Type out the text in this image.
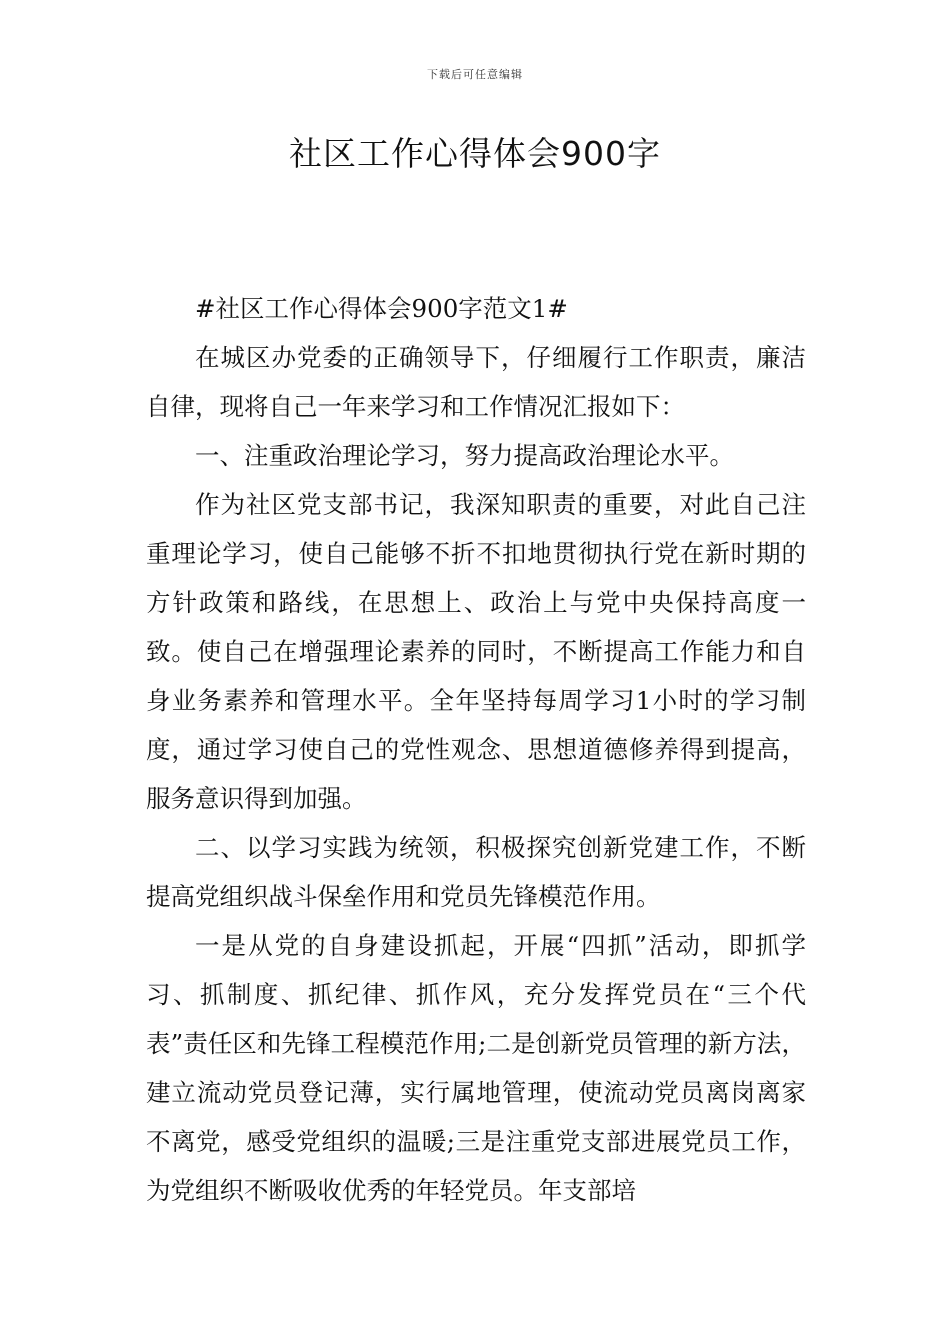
下载后可任意编辑
社区工作心得体会900字

#社区工作心得体会900字范文1#

在城区办党委的正确领导下，仔细履行工作职责，廉洁自律，现将自己一年来学习和工作情况汇报如下：

一、注重政治理论学习，努力提高政治理论水平。

作为社区党支部书记，我深知职责的重要，对此自己注重理论学习，使自己能够不折不扣地贯彻执行党在新时期的方针政策和路线，在思想上、政治上与党中央保持高度一致。使自己在增强理论素养的同时，不断提高工作能力和自身业务素养和管理水平。全年坚持每周学习1小时的学习制度，通过学习使自己的党性观念、思想道德修养得到提高，服务意识得到加强。

二、以学习实践为统领，积极探究创新党建工作，不断提高党组织战斗保垒作用和党员先锋模范作用。

一是从党的自身建设抓起，开展“四抓”活动，即抓学习、抓制度、抓纪律、抓作风，充分发挥党员在“三个代表”责任区和先锋工程模范作用;二是创新党员管理的新方法，建立流动党员登记薄，实行属地管理，使流动党员离岗离家不离党，感受党组织的温暖;三是注重党支部进展党员工作，为党组织不断吸收优秀的年轻党员。年支部培
